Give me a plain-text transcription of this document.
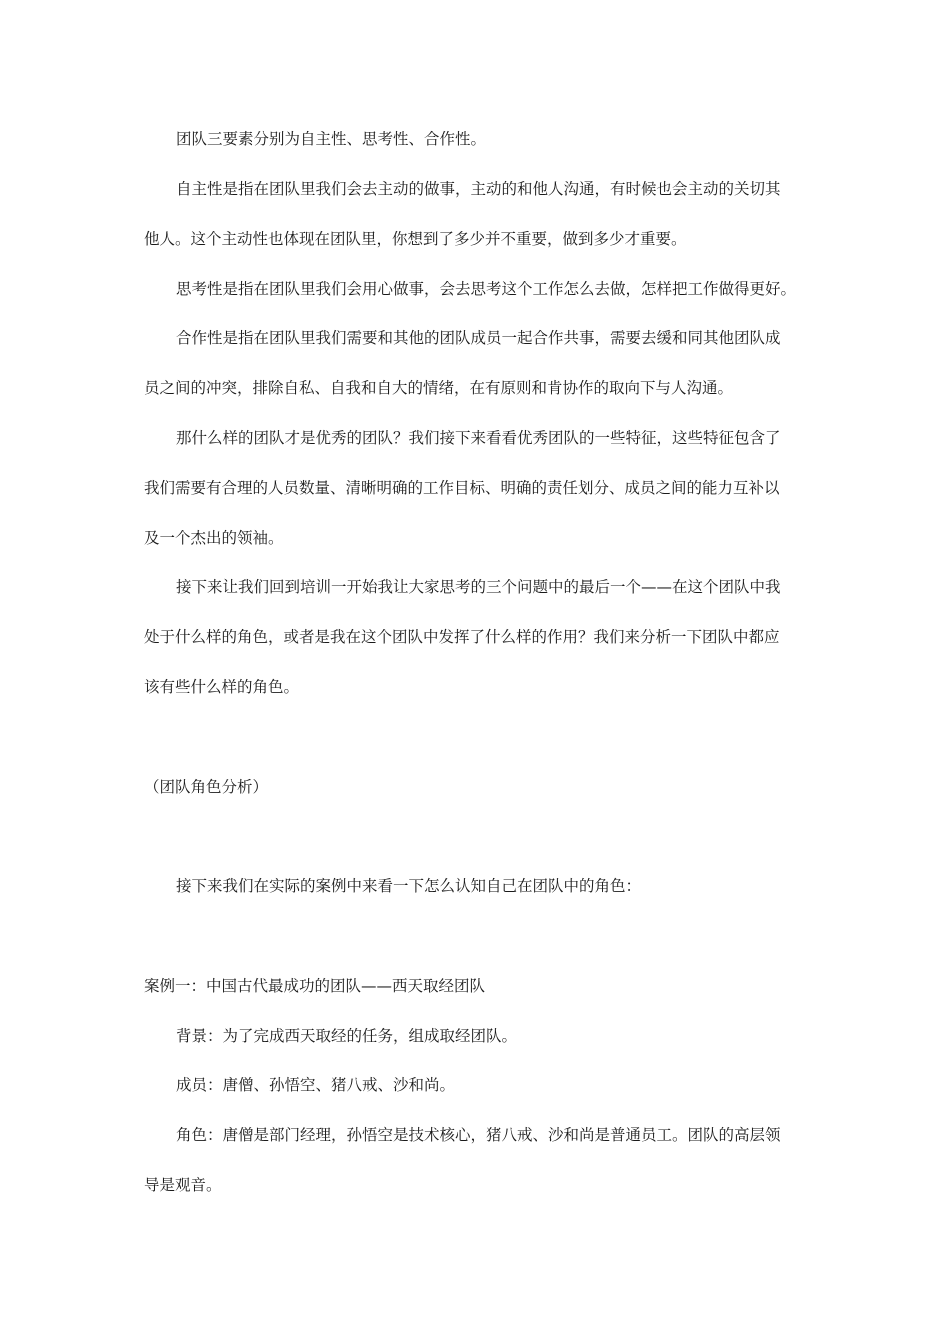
团队三要素分别为自主性、思考性、合作性。
自主性是指在团队里我们会去主动的做事，主动的和他人沟通，有时候也会主动的关切其
他人。这个主动性也体现在团队里，你想到了多少并不重要，做到多少才重要。
思考性是指在团队里我们会用心做事，会去思考这个工作怎么去做，怎样把工作做得更好。
合作性是指在团队里我们需要和其他的团队成员一起合作共事，需要去缓和同其他团队成
员之间的冲突，排除自私、自我和自大的情绪，在有原则和肯协作的取向下与人沟通。
那什么样的团队才是优秀的团队？我们接下来看看优秀团队的一些特征，这些特征包含了
我们需要有合理的人员数量、清晰明确的工作目标、明确的责任划分、成员之间的能力互补以
及一个杰出的领袖。
接下来让我们回到培训一开始我让大家思考的三个问题中的最后一个——在这个团队中我
处于什么样的角色，或者是我在这个团队中发挥了什么样的作用？我们来分析一下团队中都应
该有些什么样的角色。
（团队角色分析）
接下来我们在实际的案例中来看一下怎么认知自己在团队中的角色：
案例一：中国古代最成功的团队——西天取经团队
背景：为了完成西天取经的任务，组成取经团队。
成员：唐僧、孙悟空、猪八戒、沙和尚。
角色：唐僧是部门经理，孙悟空是技术核心，猪八戒、沙和尚是普通员工。团队的高层领
导是观音。
